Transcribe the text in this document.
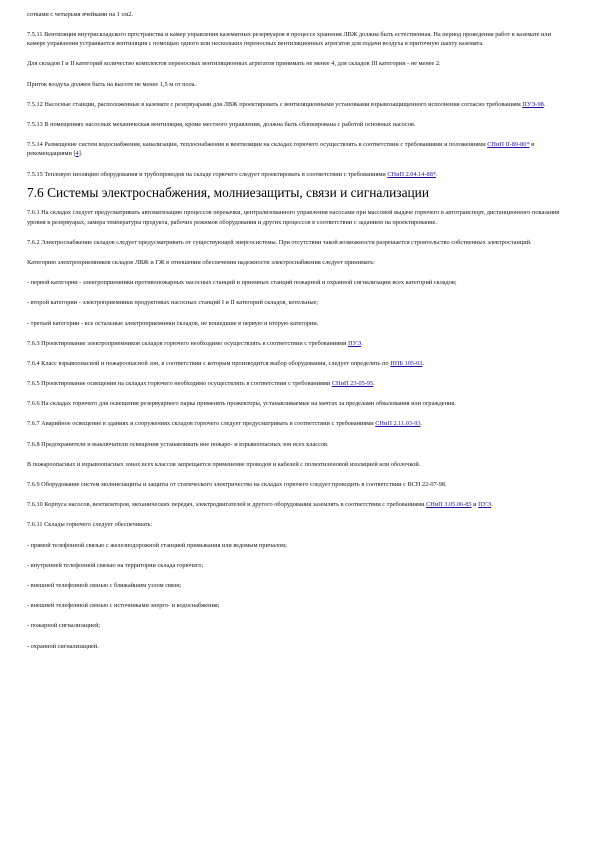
сотками с четырьмя ячейками на 1 см2.

7.5.11 Вентиляция внутрискладского пространства и камер управления казематных резервуаров в процессе хранения ЛВЖ должна быть естественная. На период проведения работ в каземате или камере управления устраивается вентиляция с помощью одного или нескольких переносных вентиляционных агрегатов для подачи воздуха в приточную шахту каземата.

Для складов I и II категорий количество комплектов переносных вентиляционных агрегатов принимать не менее 4, для складов III категории - не менее 2.

Приток воздуха должен быть на высоте не менее 1,5 м от пола.

7.5.12 Насосные станции, расположенные в каземате с резервуарами для ЛВЖ проектировать с вентиляционными установками взрывозащищенного исполнения согласно требованиям ПУЭ-98.

7.5.13 В помещениях насосных механическая вентиляция, кроме местного управления, должна быть сблокирована с работой основных насосов.

7.5.14 Размещение систем водоснабжения, канализации, теплоснабжения и вентиляции на складах горючего осуществлять в соответствии с требованиями и положениями СНиП II-89-80* и рекомендациями [4].

7.5.15 Тепловую изоляцию оборудования и трубопроводов на складе горючего следует проектировать в соответствии с требованиями СНиП 2.04.14-88*.

7.6 Системы электроснабжения, молниезащиты, связи и сигнализации

7.6.1 На складах следует предусматривать автоматизацию процессов перекачки, централизованного управления насосами при массовой выдаче горючего в автотранспорт, дистанционного показания уровня в резервуарах, замера температуры продукта, рабочих режимов оборудования и других процессов в соответствии с заданием на проектирование.

7.6.2 Электроснабжение складов следует предусматривать от существующей энергосистемы. При отсутствии такой возможности разрешается строительство собственных электростанций.

Категорию электроприемников складов ЛВЖ и ГЖ в отношении обеспечения надежности электроснабжения следует принимать:

- первой категории - электроприемники противопожарных насосных станций и приемных станций пожарной и охранной сигнализации всех категорий складов;

- второй категории - электроприемники продуктовых насосных станций I и II категорий складов, котельные;

- третьей категории - все остальные электроприемники складов, не вошедшие в первую и вторую категории.

7.6.3 Проектирование электроприемников складов горючего необходимо осуществлять в соответствии с требованиями ПУЭ.

7.6.4 Класс взрывоопасной и пожароопасной зон, в соответствии с которым производится выбор оборудования, следует определять по НПБ 105-03.

7.6.5 Проектирование освещения на складах горючего необходимо осуществлять в соответствии с требованиями СНиП 23-05-95.

7.6.6 На складах горючего для освещения резервуарного парка применять прожекторы, устанавливаемые на мачтах за пределами обвалования или ограждения.

7.6.7 Аварийное освещение в зданиях и сооружениях складов горючего следует предусматривать в соответствии с требованиями СНиП 2.11.03-93.

7.6.8 Предохранители и выключатели освещения устанавливать вне пожаро- и взрывоопасных зон всех классов.

В пожароопасных и взрывоопасных зонах всех классов запрещается применение проводов и кабелей с полиэтиленовой изоляцией или оболочкой.

7.6.9 Оборудование систем молниезащиты и защиты от статического электричества на складах горючего следует проводить в соответствии с ВСН 22-07-98.

7.6.10 Корпуса насосов, вентиляторов, механических передач, электродвигателей и другого оборудования заземлять в соответствии с требованиями СНиП 3.05.06-85 и ПУЭ.

7.6.11 Склады горючего следует обеспечивать:

- прямой телефонной связью с железнодорожной станцией примыкания или ведомым причалом;

- внутренней телефонной связью на территории склада горючего;

- внешней телефонной связью с ближайшим узлом связи;

- внешней телефонной связью с источниками энерго- и водоснабжения;

- пожарной сигнализацией;

- охранной сигнализацией.
